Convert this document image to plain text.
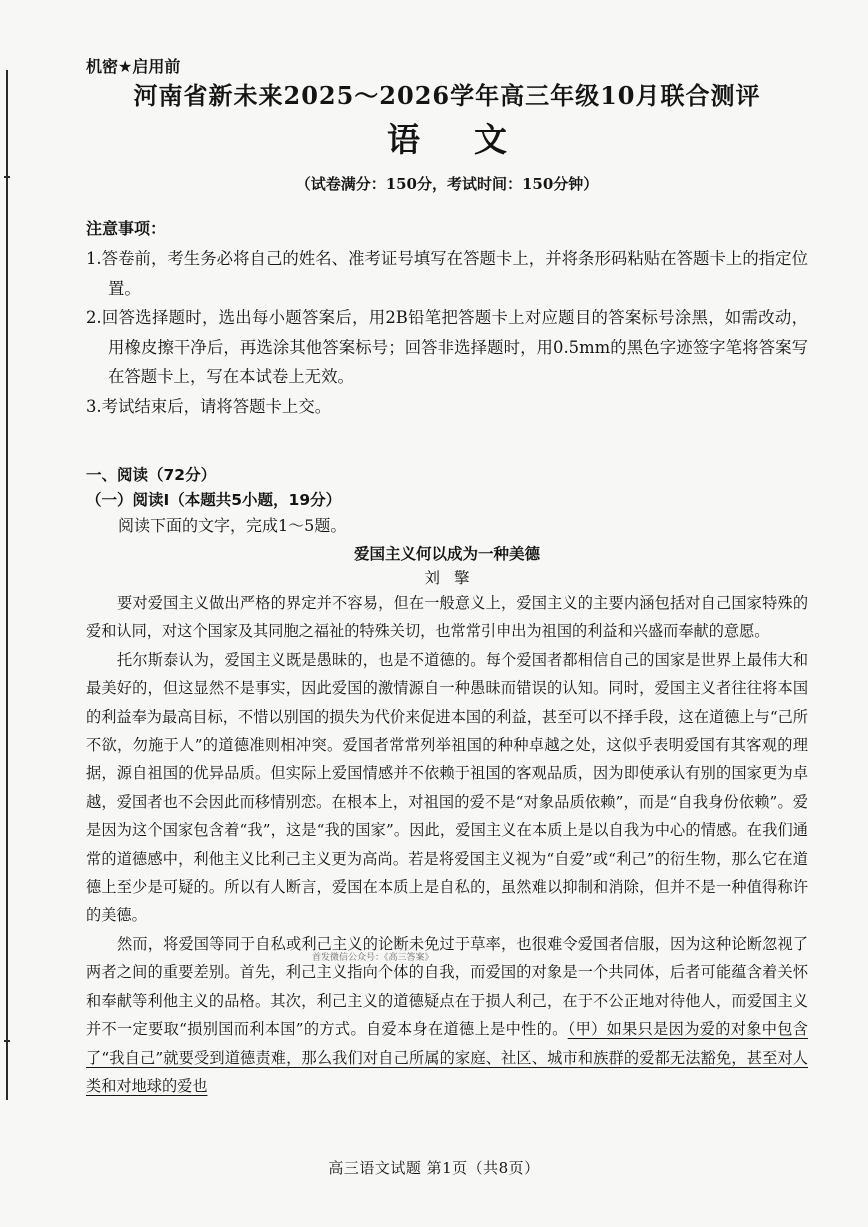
机密★启用前
河南省新未来2025～2026学年高三年级10月联合测评
语文
（试卷满分：150分，考试时间：150分钟）
注意事项：
1.答卷前，考生务必将自己的姓名、准考证号填写在答题卡上，并将条形码粘贴在答题卡上的指定位置。
2.回答选择题时，选出每小题答案后，用2B铅笔把答题卡上对应题目的答案标号涂黑，如需改动，用橡皮擦干净后，再选涂其他答案标号；回答非选择题时，用0.5mm的黑色字迹签字笔将答案写在答题卡上，写在本试卷上无效。
3.考试结束后，请将答题卡上交。
一、阅读（72分）
（一）阅读Ⅰ（本题共5小题，19分）
阅读下面的文字，完成1～5题。
爱国主义何以成为一种美德
刘擎

要对爱国主义做出严格的界定并不容易，但在一般意义上，爱国主义的主要内涵包括对自己国家特殊的爱和认同，对这个国家及其同胞之福祉的特殊关切，也常常引申出为祖国的利益和兴盛而奉献的意愿。

托尔斯泰认为，爱国主义既是愚昧的，也是不道德的。每个爱国者都相信自己的国家是世界上最伟大和最美好的，但这显然不是事实，因此爱国的激情源自一种愚昧而错误的认知。同时，爱国主义者往往将本国的利益奉为最高目标，不惜以别国的损失为代价来促进本国的利益，甚至可以不择手段，这在道德上与“己所不欲，勿施于人”的道德准则相冲突。爱国者常常列举祖国的种种卓越之处，这似乎表明爱国有其客观的理据，源自祖国的优异品质。但实际上爱国情感并不依赖于祖国的客观品质，因为即使承认有别的国家更为卓越，爱国者也不会因此而移情别恋。在根本上，对祖国的爱不是“对象品质依赖”，而是“自我身份依赖”。爱是因为这个国家包含着“我”，这是“我的国家”。因此，爱国主义在本质上是以自我为中心的情感。在我们通常的道德感中，利他主义比利己主义更为高尚。若是将爱国主义视为“自爱”或“利己”的衍生物，那么它在道德上至少是可疑的。所以有人断言，爱国在本质上是自私的，虽然难以抑制和消除，但并不是一种值得称许的美德。

然而，将爱国等同于自私或利己主义的论断未免过于草率，也很难令爱国者信服，因为这种论断忽视了两者之间的重要差别。首先，利己主义指向个体的自我，而爱国的对象是一个共同体，后者可能蕴含着关怀和奉献等利他主义的品格。其次，利己主义的道德疑点在于损人利己，在于不公正地对待他人，而爱国主义并不一定要取“损别国而利本国”的方式。自爱本身在道德上是中性的。（甲）如果只是因为爱的对象中包含了“我自己”就要受到道德责难，那么我们对自己所属的家庭、社区、城市和族群的爱都无法豁免，甚至对人类和对地球的爱也

首发微信公众号：《高三答案》
高三语文试题 第1页（共8页）
